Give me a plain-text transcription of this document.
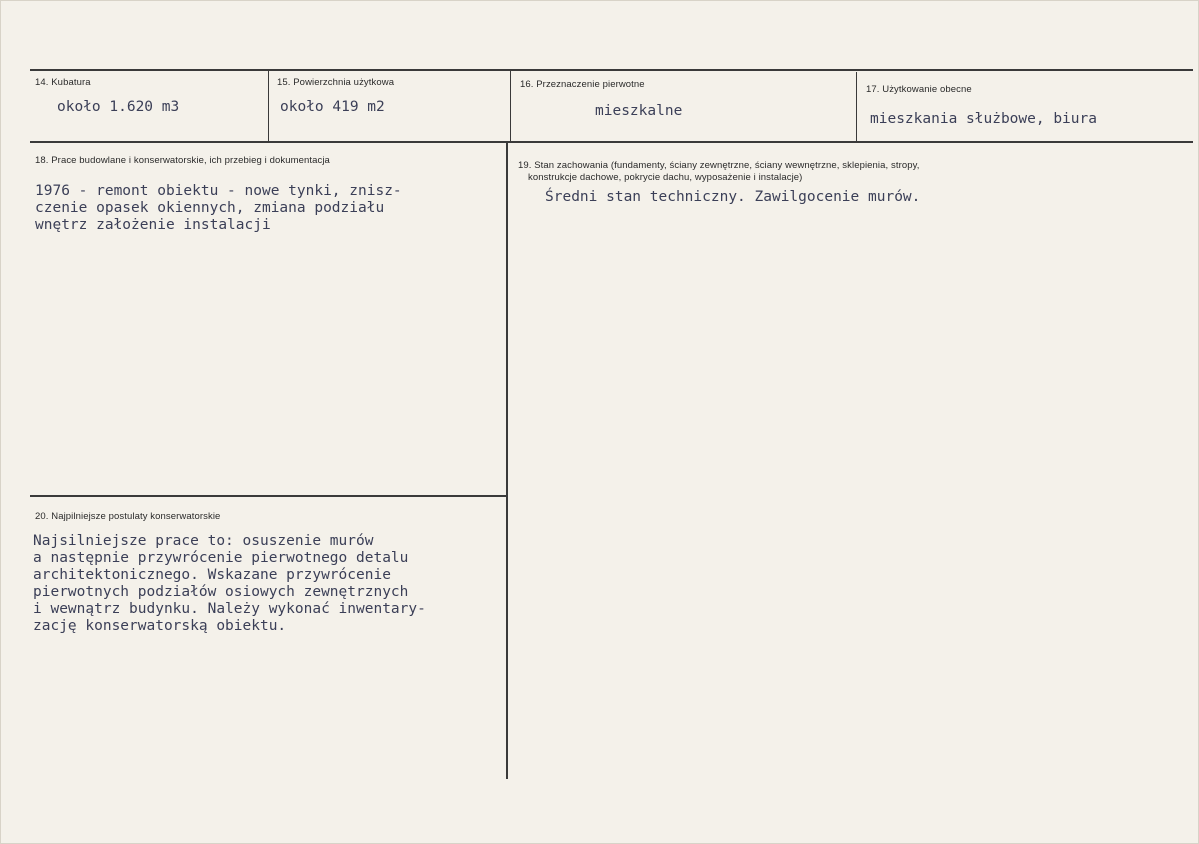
14. Kubatura
około 1.620 m3
15. Powierzchnia użytkowa
około 419 m2
16. Przeznaczenie pierwotne
mieszkalne
17. Użytkowanie obecne
mieszkania służbowe, biura
18. Prace budowlane i konserwatorskie, ich przebieg i dokumentacja
1976 - remont obiektu - nowe tynki, znisz-
czenie opasek okiennych, zmiana podziału
wnętrz założenie instalacji
19. Stan zachowania (fundamenty, ściany zewnętrzne, ściany wewnętrzne, sklepienia, stropy,
konstrukcje dachowe, pokrycie dachu, wyposażenie i instalacje)
Średni stan techniczny. Zawilgocenie murów.
20. Najpilniejsze postulaty konserwatorskie
Najsilniejsze prace to: osuszenie murów
a następnie przywrócenie pierwotnego detalu
architektonicznego. Wskazane przywrócenie
pierwotnych podziałów osiowych zewnętrznych
i wewnątrz budynku. Należy wykonać inwentary-
zację konserwatorską obiektu.
